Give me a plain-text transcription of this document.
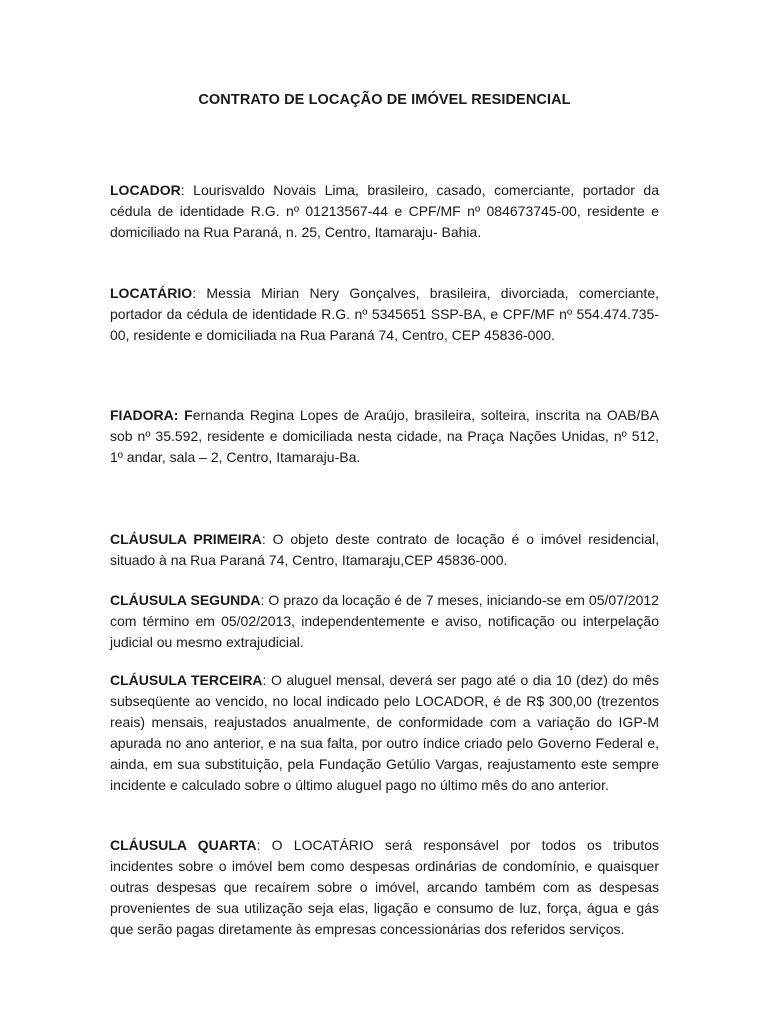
CONTRATO DE LOCAÇÃO DE IMÓVEL RESIDENCIAL

LOCADOR: Lourisvaldo Novais Lima, brasileiro, casado, comerciante, portador da cédula de identidade R.G. nº 01213567-44 e CPF/MF nº 084673745-00, residente e domiciliado na Rua Paraná, n. 25, Centro, Itamaraju- Bahia.

LOCATÁRIO: Messia Mirian Nery Gonçalves, brasileira, divorciada, comerciante, portador da cédula de identidade R.G. nº 5345651 SSP-BA, e CPF/MF nº 554.474.735-00, residente e domiciliada na Rua Paraná 74, Centro, CEP 45836-000.

FIADORA: Fernanda Regina Lopes de Araújo, brasileira, solteira, inscrita na OAB/BA sob nº 35.592, residente e domiciliada nesta cidade, na Praça Nações Unidas, nº 512, 1º andar, sala – 2, Centro, Itamaraju-Ba.

CLÁUSULA PRIMEIRA: O objeto deste contrato de locação é o imóvel residencial, situado à na Rua Paraná 74, Centro, Itamaraju,CEP 45836-000.

CLÁUSULA SEGUNDA: O prazo da locação é de 7 meses, iniciando-se em 05/07/2012 com término em 05/02/2013, independentemente e aviso, notificação ou interpelação judicial ou mesmo extrajudicial.

CLÁUSULA TERCEIRA: O aluguel mensal, deverá ser pago até o dia 10 (dez) do mês subseqüente ao vencido, no local indicado pelo LOCADOR, é de R$ 300,00 (trezentos reais) mensais, reajustados anualmente, de conformidade com a variação do IGP-M apurada no ano anterior, e na sua falta, por outro índice criado pelo Governo Federal e, ainda, em sua substituição, pela Fundação Getúlio Vargas, reajustamento este sempre incidente e calculado sobre o último aluguel pago no último mês do ano anterior.

CLÁUSULA QUARTA: O LOCATÁRIO será responsável por todos os tributos incidentes sobre o imóvel bem como despesas ordinárias de condomínio, e quaisquer outras despesas que recaírem sobre o imóvel, arcando também com as despesas provenientes de sua utilização seja elas, ligação e consumo de luz, força, água e gás que serão pagas diretamente às empresas concessionárias dos referidos serviços.
